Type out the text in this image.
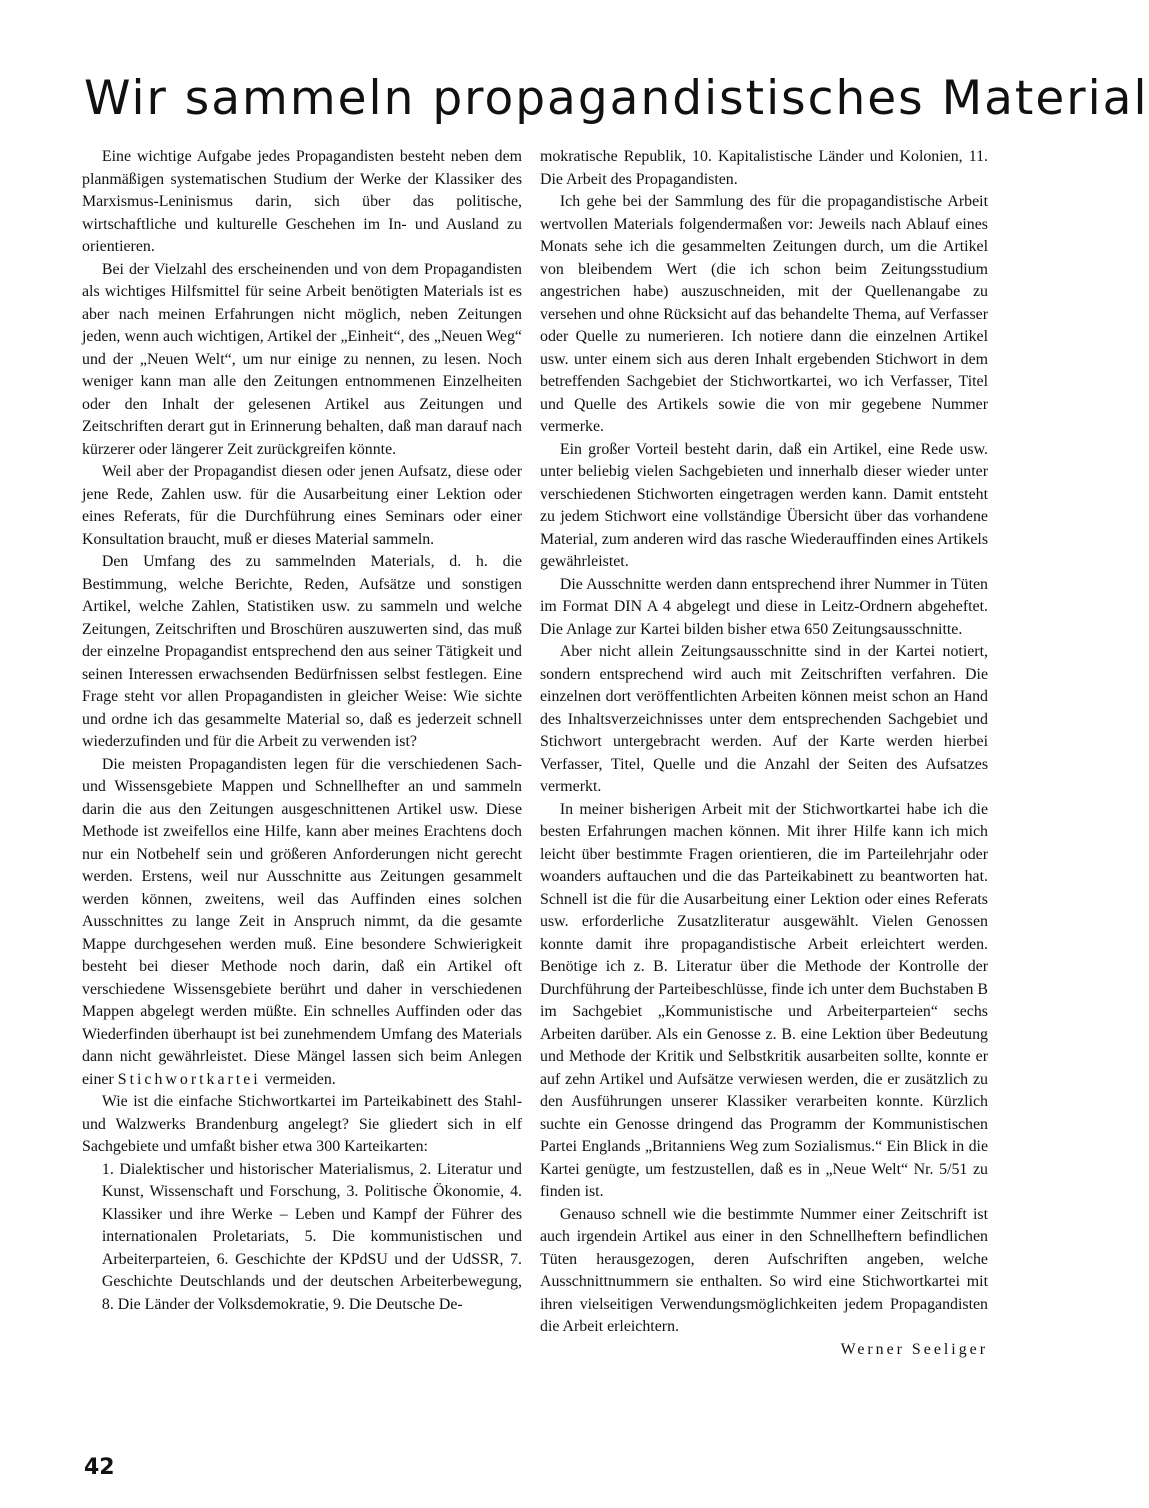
Wir sammeln propagandistisches Material

Eine wichtige Aufgabe jedes Propagandisten besteht neben dem planmäßigen systematischen Studium der Werke der Klassiker des Marxismus-Leninismus darin, sich über das politische, wirtschaftliche und kulturelle Geschehen im In- und Ausland zu orientieren.

Bei der Vielzahl des erscheinenden und von dem Propagandisten als wichtiges Hilfsmittel für seine Arbeit benötigten Materials ist es aber nach meinen Erfahrungen nicht möglich, neben Zeitungen jeden, wenn auch wichtigen, Artikel der „Einheit“, des „Neuen Weg“ und der „Neuen Welt“, um nur einige zu nennen, zu lesen. Noch weniger kann man alle den Zeitungen entnommenen Einzelheiten oder den Inhalt der gelesenen Artikel aus Zeitungen und Zeitschriften derart gut in Erinnerung behalten, daß man darauf nach kürzerer oder längerer Zeit zurückgreifen könnte.

Weil aber der Propagandist diesen oder jenen Aufsatz, diese oder jene Rede, Zahlen usw. für die Ausarbeitung einer Lektion oder eines Referats, für die Durchführung eines Seminars oder einer Konsultation braucht, muß er dieses Material sammeln.

Den Umfang des zu sammelnden Materials, d. h. die Bestimmung, welche Berichte, Reden, Aufsätze und sonstigen Artikel, welche Zahlen, Statistiken usw. zu sammeln und welche Zeitungen, Zeitschriften und Broschüren auszuwerten sind, das muß der einzelne Propagandist entsprechend den aus seiner Tätigkeit und seinen Interessen erwachsenden Bedürfnissen selbst festlegen. Eine Frage steht vor allen Propagandisten in gleicher Weise: Wie sichte und ordne ich das gesammelte Material so, daß es jederzeit schnell wiederzufinden und für die Arbeit zu verwenden ist?

Die meisten Propagandisten legen für die verschiedenen Sach- und Wissensgebiete Mappen und Schnellhefter an und sammeln darin die aus den Zeitungen ausgeschnittenen Artikel usw. Diese Methode ist zweifellos eine Hilfe, kann aber meines Erachtens doch nur ein Notbehelf sein und größeren Anforderungen nicht gerecht werden. Erstens, weil nur Ausschnitte aus Zeitungen gesammelt werden können, zweitens, weil das Auffinden eines solchen Ausschnittes zu lange Zeit in Anspruch nimmt, da die gesamte Mappe durchgesehen werden muß. Eine besondere Schwierigkeit besteht bei dieser Methode noch darin, daß ein Artikel oft verschiedene Wissensgebiete berührt und daher in verschiedenen Mappen abgelegt werden müßte. Ein schnelles Auffinden oder das Wiederfinden überhaupt ist bei zunehmendem Umfang des Materials dann nicht gewährleistet. Diese Mängel lassen sich beim Anlegen einer Stichwortkartei vermeiden.

Wie ist die einfache Stichwortkartei im Parteikabinett des Stahl- und Walzwerks Brandenburg angelegt? Sie gliedert sich in elf Sachgebiete und umfaßt bisher etwa 300 Karteikarten:

1. Dialektischer und historischer Materialismus, 2. Literatur und Kunst, Wissenschaft und Forschung, 3. Politische Ökonomie, 4. Klassiker und ihre Werke – Leben und Kampf der Führer des internationalen Proletariats, 5. Die kommunistischen und Arbeiterparteien, 6. Geschichte der KPdSU und der UdSSR, 7. Geschichte Deutschlands und der deutschen Arbeiterbewegung, 8. Die Länder der Volksdemokratie, 9. Die Deutsche De-

mokratische Republik, 10. Kapitalistische Länder und Kolonien, 11. Die Arbeit des Propagandisten.

Ich gehe bei der Sammlung des für die propagandistische Arbeit wertvollen Materials folgendermaßen vor: Jeweils nach Ablauf eines Monats sehe ich die gesammelten Zeitungen durch, um die Artikel von bleibendem Wert (die ich schon beim Zeitungsstudium angestrichen habe) auszuschneiden, mit der Quellenangabe zu versehen und ohne Rücksicht auf das behandelte Thema, auf Verfasser oder Quelle zu numerieren. Ich notiere dann die einzelnen Artikel usw. unter einem sich aus deren Inhalt ergebenden Stichwort in dem betreffenden Sachgebiet der Stichwortkartei, wo ich Verfasser, Titel und Quelle des Artikels sowie die von mir gegebene Nummer vermerke.

Ein großer Vorteil besteht darin, daß ein Artikel, eine Rede usw. unter beliebig vielen Sachgebieten und innerhalb dieser wieder unter verschiedenen Stichworten eingetragen werden kann. Damit entsteht zu jedem Stichwort eine vollständige Übersicht über das vorhandene Material, zum anderen wird das rasche Wiederauffinden eines Artikels gewährleistet.

Die Ausschnitte werden dann entsprechend ihrer Nummer in Tüten im Format DIN A 4 abgelegt und diese in Leitz-Ordnern abgeheftet. Die Anlage zur Kartei bilden bisher etwa 650 Zeitungsausschnitte.

Aber nicht allein Zeitungsausschnitte sind in der Kartei notiert, sondern entsprechend wird auch mit Zeitschriften verfahren. Die einzelnen dort veröffentlichten Arbeiten können meist schon an Hand des Inhaltsverzeichnisses unter dem entsprechenden Sachgebiet und Stichwort untergebracht werden. Auf der Karte werden hierbei Verfasser, Titel, Quelle und die Anzahl der Seiten des Aufsatzes vermerkt.

In meiner bisherigen Arbeit mit der Stichwortkartei habe ich die besten Erfahrungen machen können. Mit ihrer Hilfe kann ich mich leicht über bestimmte Fragen orientieren, die im Parteilehrjahr oder woanders auftauchen und die das Parteikabinett zu beantworten hat. Schnell ist die für die Ausarbeitung einer Lektion oder eines Referats usw. erforderliche Zusatzliteratur ausgewählt. Vielen Genossen konnte damit ihre propagandistische Arbeit erleichtert werden. Benötige ich z. B. Literatur über die Methode der Kontrolle der Durchführung der Parteibeschlüsse, finde ich unter dem Buchstaben B im Sachgebiet „Kommunistische und Arbeiterparteien“ sechs Arbeiten darüber. Als ein Genosse z. B. eine Lektion über Bedeutung und Methode der Kritik und Selbstkritik ausarbeiten sollte, konnte er auf zehn Artikel und Aufsätze verwiesen werden, die er zusätzlich zu den Ausführungen unserer Klassiker verarbeiten konnte. Kürzlich suchte ein Genosse dringend das Programm der Kommunistischen Partei Englands „Britanniens Weg zum Sozialismus.“ Ein Blick in die Kartei genügte, um festzustellen, daß es in „Neue Welt“ Nr. 5/51 zu finden ist.

Genauso schnell wie die bestimmte Nummer einer Zeitschrift ist auch irgendein Artikel aus einer in den Schnellheftern befindlichen Tüten herausgezogen, deren Aufschriften angeben, welche Ausschnittnummern sie enthalten. So wird eine Stichwortkartei mit ihren vielseitigen Verwendungsmöglichkeiten jedem Propagandisten die Arbeit erleichtern.

Werner Seeliger
42
